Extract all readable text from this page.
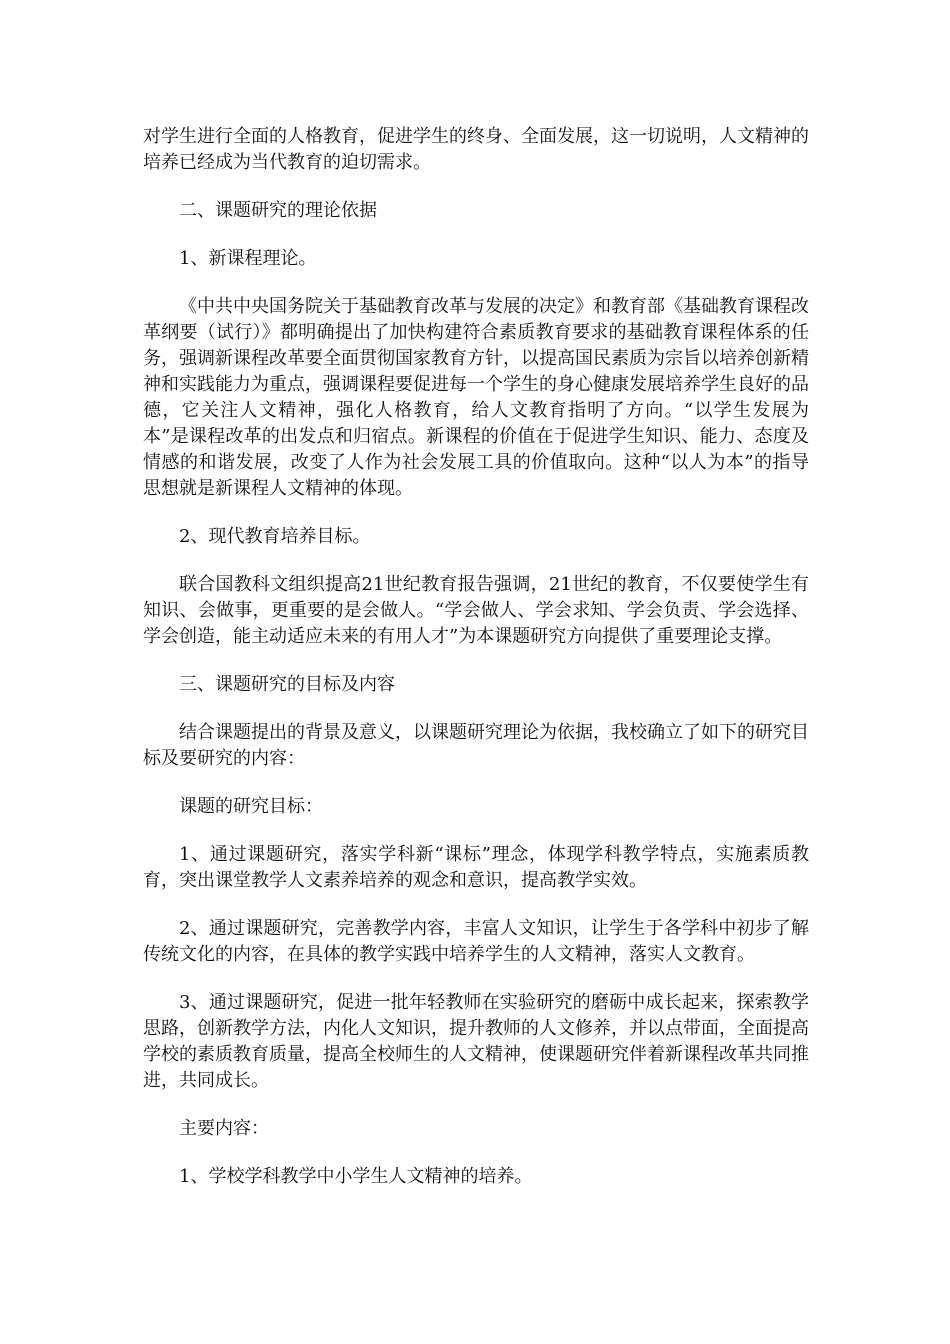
对学生进行全面的人格教育，促进学生的终身、全面发展，这一切说明，人文精神的培养已经成为当代教育的迫切需求。

二、课题研究的理论依据

1、新课程理论。

《中共中央国务院关于基础教育改革与发展的决定》和教育部《基础教育课程改革纲要（试行）》都明确提出了加快构建符合素质教育要求的基础教育课程体系的任务，强调新课程改革要全面贯彻国家教育方针，以提高国民素质为宗旨以培养创新精神和实践能力为重点，强调课程要促进每一个学生的身心健康发展培养学生良好的品德，它关注人文精神，强化人格教育，给人文教育指明了方向。“以学生发展为本”是课程改革的出发点和归宿点。新课程的价值在于促进学生知识、能力、态度及情感的和谐发展，改变了人作为社会发展工具的价值取向。这种“以人为本”的指导思想就是新课程人文精神的体现。

2、现代教育培养目标。

联合国教科文组织提高21世纪教育报告强调，21世纪的教育，不仅要使学生有知识、会做事，更重要的是会做人。“学会做人、学会求知、学会负责、学会选择、学会创造，能主动适应未来的有用人才”为本课题研究方向提供了重要理论支撑。

三、课题研究的目标及内容

结合课题提出的背景及意义，以课题研究理论为依据，我校确立了如下的研究目标及要研究的内容：

课题的研究目标：

1、通过课题研究，落实学科新“课标”理念，体现学科教学特点，实施素质教育，突出课堂教学人文素养培养的观念和意识，提高教学实效。

2、通过课题研究，完善教学内容，丰富人文知识，让学生于各学科中初步了解传统文化的内容，在具体的教学实践中培养学生的人文精神，落实人文教育。

3、通过课题研究，促进一批年轻教师在实验研究的磨砺中成长起来，探索教学思路，创新教学方法，内化人文知识，提升教师的人文修养，并以点带面，全面提高学校的素质教育质量，提高全校师生的人文精神，使课题研究伴着新课程改革共同推进，共同成长。

主要内容：

1、学校学科教学中小学生人文精神的培养。
